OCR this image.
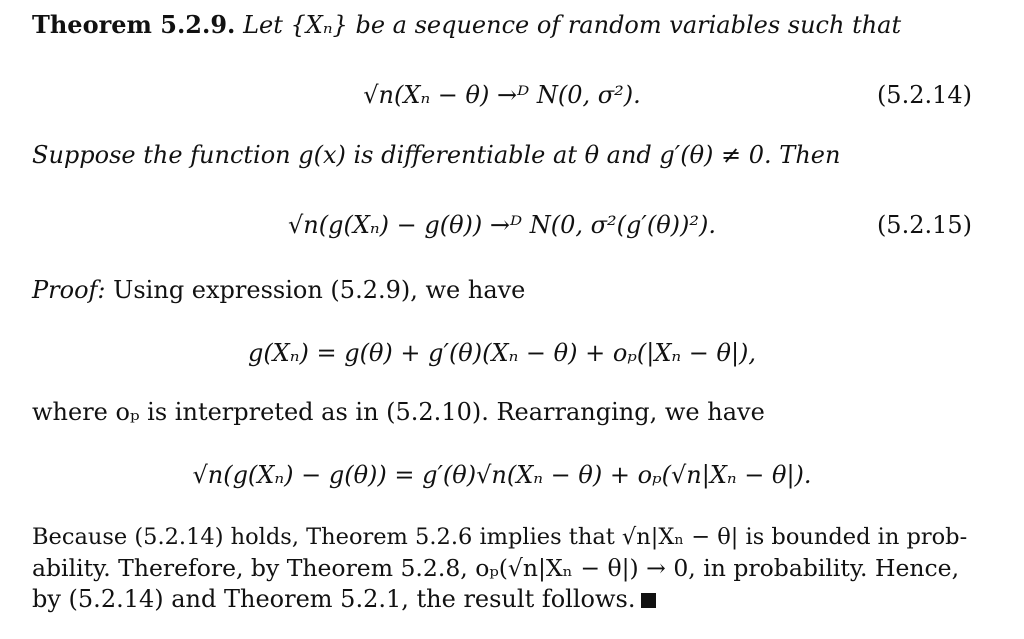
Theorem 5.2.9. Let {Xₙ} be a sequence of random variables such that
√n(Xₙ − θ) →ᴰ N(0, σ²).	(5.2.14)
Suppose the function g(x) is differentiable at θ and g′(θ) ≠ 0. Then
√n(g(Xₙ) − g(θ)) →ᴰ N(0, σ²(g′(θ))²).	(5.2.15)
Proof: Using expression (5.2.9), we have
g(Xₙ) = g(θ) + g′(θ)(Xₙ − θ) + oₚ(|Xₙ − θ|),
where oₚ is interpreted as in (5.2.10). Rearranging, we have
√n(g(Xₙ) − g(θ)) = g′(θ)√n(Xₙ − θ) + oₚ(√n|Xₙ − θ|).
Because (5.2.14) holds, Theorem 5.2.6 implies that √n|Xₙ − θ| is bounded in prob-
ability. Therefore, by Theorem 5.2.8, oₚ(√n|Xₙ − θ|) → 0, in probability. Hence,
by (5.2.14) and Theorem 5.2.1, the result follows.
